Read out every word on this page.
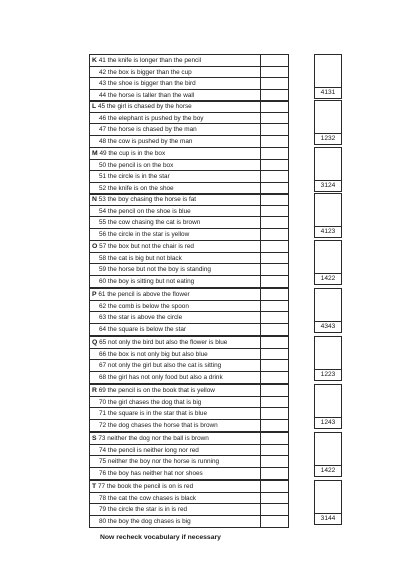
K 41 the knife is longer than the pencil
42 the box is bigger than the cup
43 the shoe is bigger than the bird
44 the horse is taller than the wall	4131
L 45 the girl is chased by the horse
46 the elephant is pushed by the boy
47 the horse is chased by the man
48 the cow is pushed by the man	1232
M 49 the cup is in the box
50 the pencil is on the box
51 the circle is in the star
52 the knife is on the shoe	3124
N 53 the boy chasing the horse is fat
54 the pencil on the shoe is blue
55 the cow chasing the cat is brown
56 the circle in the star is yellow	4123
O 57 the box but not the chair is red
58 the cat is big but not black
59 the horse but not the boy is standing
60 the boy is sitting but not eating	1422
P 61 the pencil is above the flower
62 the comb is below the spoon
63 the star is above the circle
64 the square is below the star	4343
Q 65 not only the bird but also the flower is blue
66 the box is not only big but also blue
67 not only the girl but also the cat is sitting
68 the girl has not only food but also a drink	1223
R 69 the pencil is on the book that is yellow
70 the girl chases the dog that is big
71 the square is in the star that is blue
72 the dog chases the horse that is brown	1243
S 73 neither the dog nor the ball is brown
74 the pencil is neither long nor red
75 neither the boy nor the horse is running
76 the boy has neither hat nor shoes	1422
T 77 the book the pencil is on is red
78 the cat the cow chases is black
79 the circle the star is in is red
80 the boy the dog chases is big	3144
Now recheck vocabulary if necessary
